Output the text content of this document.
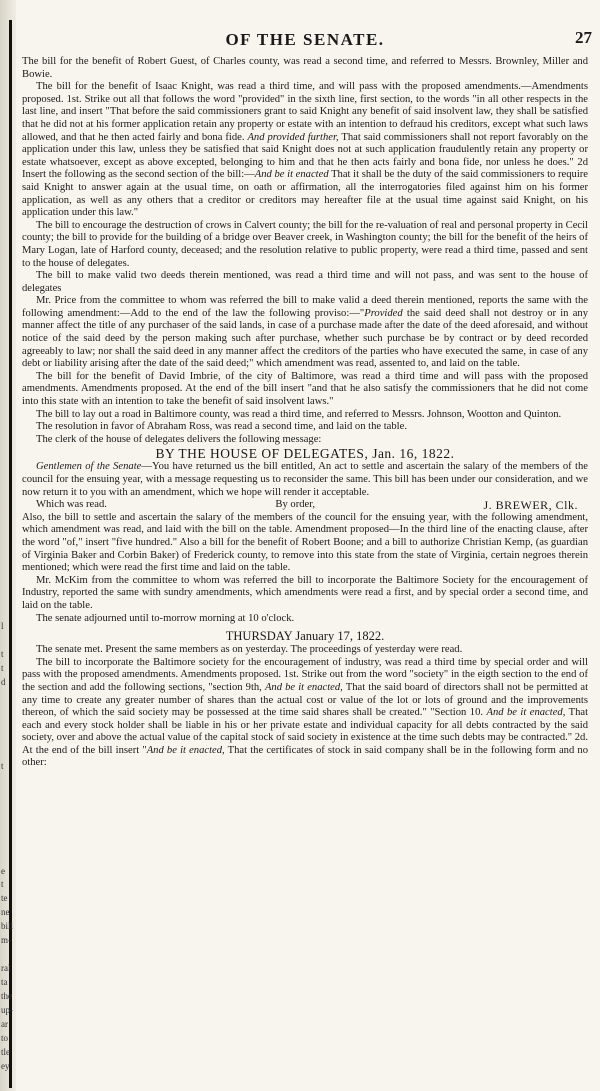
l
t
t
d
t
e
t
te
ne
bill
m-
ral
ta
the
up-
ar
to
tle
ey
OF THE SENATE.	27

The bill for the benefit of Robert Guest, of Charles county, was read a second time, and referred to Messrs. Brownley, Miller and Bowie.

The bill for the benefit of Isaac Knight, was read a third time, and will pass with the proposed amendments.—Amendments proposed. 1st. Strike out all that follows the word "provided" in the sixth line, first section, to the words "in all other respects in the last line, and insert "That before the said commissioners grant to said Knight any benefit of said insolvent law, they shall be satisfied that he did not at his former application retain any property or estate with an intention to defraud his creditors, except what such laws allowed, and that he then acted fairly and bona fide. And provided further, That said commissioners shall not report favorably on the application under this law, unless they be satisfied that said Knight does not at such application fraudulently retain any property or estate whatsoever, except as above excepted, belonging to him and that he then acts fairly and bona fide, nor unless he does." 2d Insert the following as the second section of the bill:—And be it enacted That it shall be the duty of the said commissioners to require said Knight to answer again at the usual time, on oath or affirmation, all the interrogatories filed against him on his former application, as well as any others that a creditor or creditors may hereafter file at the usual time against said Knight, on his application under this law."

The bill to encourage the destruction of crows in Calvert county; the bill for the re-valuation of real and personal property in Cecil county; the bill to provide for the building of a bridge over Beaver creek, in Washington county; the bill for the benefit of the heirs of Mary Logan, late of Harford county, deceased; and the resolution relative to public property, were read a third time, passed and sent to the house of delegates.

The bill to make valid two deeds therein mentioned, was read a third time and will not pass, and was sent to the house of delegates

Mr. Price from the committee to whom was referred the bill to make valid a deed therein mentioned, reports the same with the following amendment:—Add to the end of the law the following proviso:—"Provided the said deed shall not destroy or in any manner affect the title of any purchaser of the said lands, in case of a purchase made after the date of the deed aforesaid, and without notice of the said deed by the person making such after purchase, whether such purchase be by contract or by deed recorded agreeably to law; nor shall the said deed in any manner affect the creditors of the parties who have executed the same, in case of any debt or liability arising after the date of the said deed;" which amendment was read, assented to, and laid on the table.

The bill for the benefit of David Imbrie, of the city of Baltimore, was read a third time and will pass with the proposed amendments. Amendments proposed. At the end of the bill insert "and that he also satisfy the commissioners that he did not come into this state with an intention to take the benefit of said insolvent laws."

The bill to lay out a road in Baltimore county, was read a third time, and referred to Messrs. Johnson, Wootton and Quinton.

The resolution in favor of Abraham Ross, was read a second time, and laid on the table.

The clerk of the house of delegates delivers the following message:

BY THE HOUSE OF DELEGATES, Jan. 16, 1822.

Gentlemen of the Senate—You have returned us the bill entitled, An act to settle and ascertain the salary of the members of the council for the ensuing year, with a message requesting us to reconsider the same. This bill has been under our consideration, and we now return it to you with an amendment, which we hope will render it acceptable.

Which was read.	By order,	J. BREWER, Clk.

Also, the bill to settle and ascertain the salary of the members of the council for the ensuing year, with the following amendment, which amendment was read, and laid with the bill on the table. Amendment proposed—In the third line of the enacting clause, after the word "of," insert "five hundred." Also a bill for the benefit of Robert Boone; and a bill to authorize Christian Kemp, (as guardian of Virginia Baker and Corbin Baker) of Frederick county, to remove into this state from the state of Virginia, certain negroes therein mentioned; which were read the first time and laid on the table.

Mr. McKim from the committee to whom was referred the bill to incorporate the Baltimore Society for the encouragement of Industry, reported the same with sundry amendments, which amendments were read a first, and by special order a second time, and laid on the table.

The senate adjourned until to-morrow morning at 10 o'clock.

THURSDAY January 17, 1822.

The senate met. Present the same members as on yesterday. The proceedings of yesterday were read.

The bill to incorporate the Baltimore society for the encouragement of industry, was read a third time by special order and will pass with the proposed amendments. Amendments proposed. 1st. Strike out from the word "society" in the eigth section to the end of the section and add the following sections, "section 9th, And be it enacted, That the said board of directors shall not be permitted at any time to create any greater number of shares than the actual cost or value of the lot or lots of ground and the improvements thereon, of which the said society may be possessed at the time said shares shall be created." "Section 10. And be it enacted, That each and every stock holder shall be liable in his or her private estate and individual capacity for all debts contracted by the said society, over and above the actual value of the capital stock of said society in existence at the time such debts may be contracted." 2d. At the end of the bill insert "And be it enacted, That the certificates of stock in said company shall be in the following form and no other:
